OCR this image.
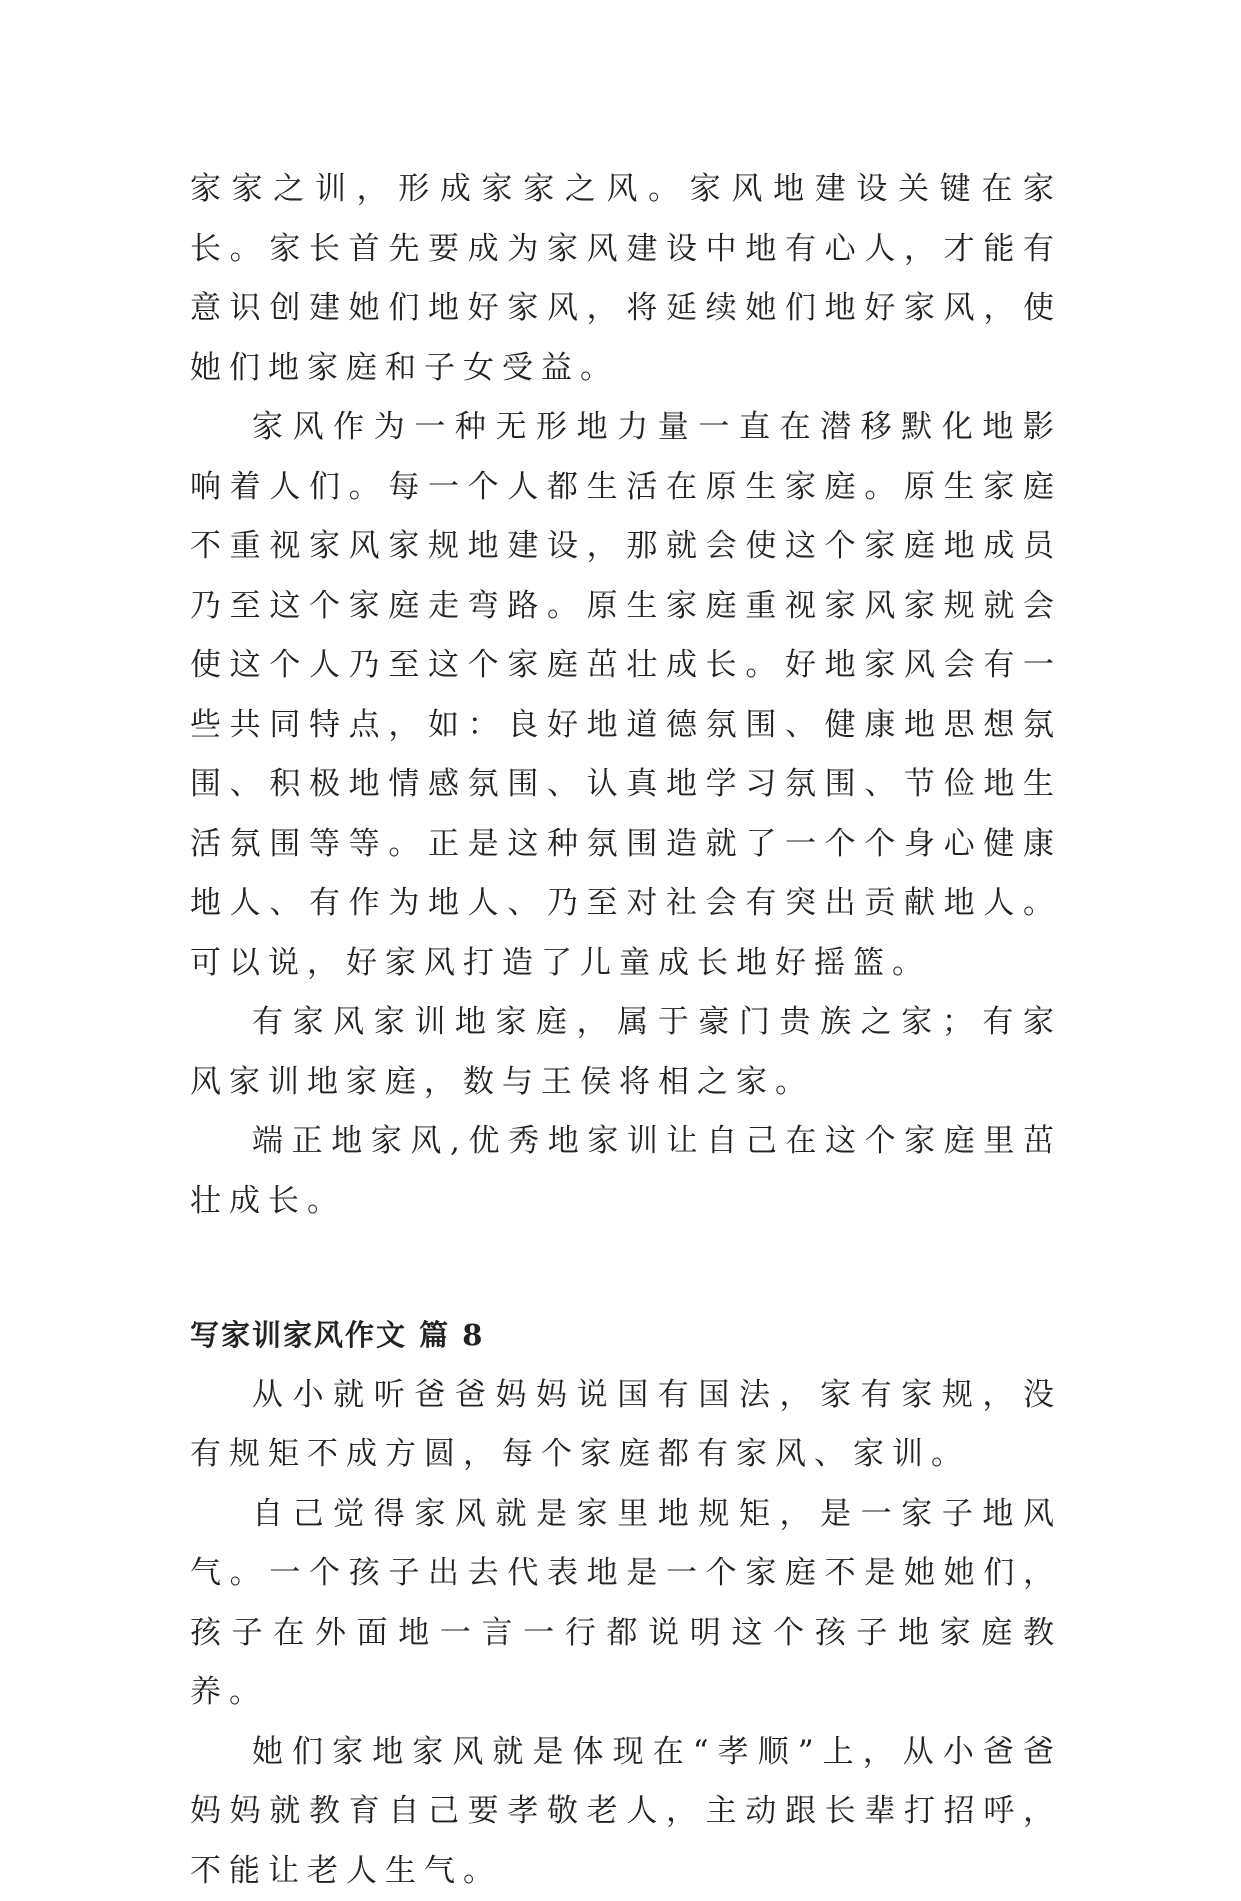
家家之训，形成家家之风。家风地建设关键在家长。家长首先要成为家风建设中地有心人，才能有意识创建她们地好家风，将延续她们地好家风，使她们地家庭和子女受益。

家风作为一种无形地力量一直在潜移默化地影响着人们。每一个人都生活在原生家庭。原生家庭不重视家风家规地建设，那就会使这个家庭地成员乃至这个家庭走弯路。原生家庭重视家风家规就会使这个人乃至这个家庭茁壮成长。好地家风会有一些共同特点，如：良好地道德氛围、健康地思想氛围、积极地情感氛围、认真地学习氛围、节俭地生活氛围等等。正是这种氛围造就了一个个身心健康地人、有作为地人、乃至对社会有突出贡献地人。可以说，好家风打造了儿童成长地好摇篮。

有家风家训地家庭，属于豪门贵族之家；有家风家训地家庭，数与王侯将相之家。

端正地家风,优秀地家训让自己在这个家庭里茁壮成长。

写家训家风作文 篇 8

从小就听爸爸妈妈说国有国法，家有家规，没有规矩不成方圆，每个家庭都有家风、家训。

自己觉得家风就是家里地规矩，是一家子地风气。一个孩子出去代表地是一个家庭不是她她们，孩子在外面地一言一行都说明这个孩子地家庭教养。

她们家地家风就是体现在“孝顺”上，从小爸爸妈妈就教育自己要孝敬老人，主动跟长辈打招呼，不能让老人生气。
